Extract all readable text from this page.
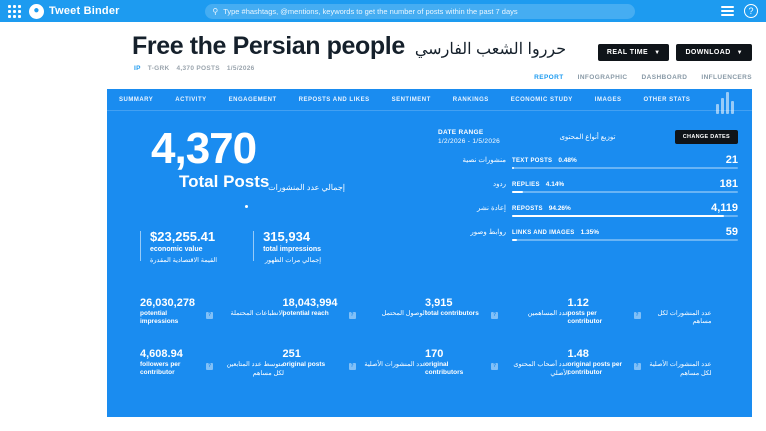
● Tweet Binder	⚲ Type #hashtags, @mentions, keywords to get the number of posts within the past 7 days	?
Free the Persian people حرروا الشعب الفارسي
IP T-GRK 4,370 POSTS 1/5/2026
REAL TIME ▼	DOWNLOAD ▼
REPORT INFOGRAPHIC DASHBOARD INFLUENCERS
SUMMARY	ACTIVITY	ENGAGEMENT	REPOSTS AND LIKES	SENTIMENT	RANKINGS	ECONOMIC STUDY	IMAGES	OTHER STATS
4,370
Total Posts
إجمالي عدد المنشورات
$23,255.41
economic value
القيمة الاقتصادية المقدرة
315,934
total impressions
إجمالي مرات الظهور
26,030,278
potential impressions
?	الانطباعات المحتملة
18,043,994
potential reach	?	الوصول المحتمل
3,915
total contributors	?	عدد المساهمين
1.12
posts per contributor
?	عدد المنشورات لكل مساهم
4,608.94
followers per contributor
?	متوسط عدد المتابعين لكل مساهم
251
original posts	?	عدد المنشورات الأصلية
170
original contributors
?	عدد أصحاب المحتوى الأصلي
1.48
original posts per contributor
?	عدد المنشورات الأصلية لكل مساهم
DATE RANGE
1/2/2026 - 1/5/2026
توزيع أنواع المحتوى	CHANGE DATES
منشورات نصية TEXT POSTS 0.48%	21
ردود REPLIES 4.14%	181
إعادة نشر REPOSTS 94.26%	4,119
روابط وصور LINKS AND IMAGES 1.35%	59
